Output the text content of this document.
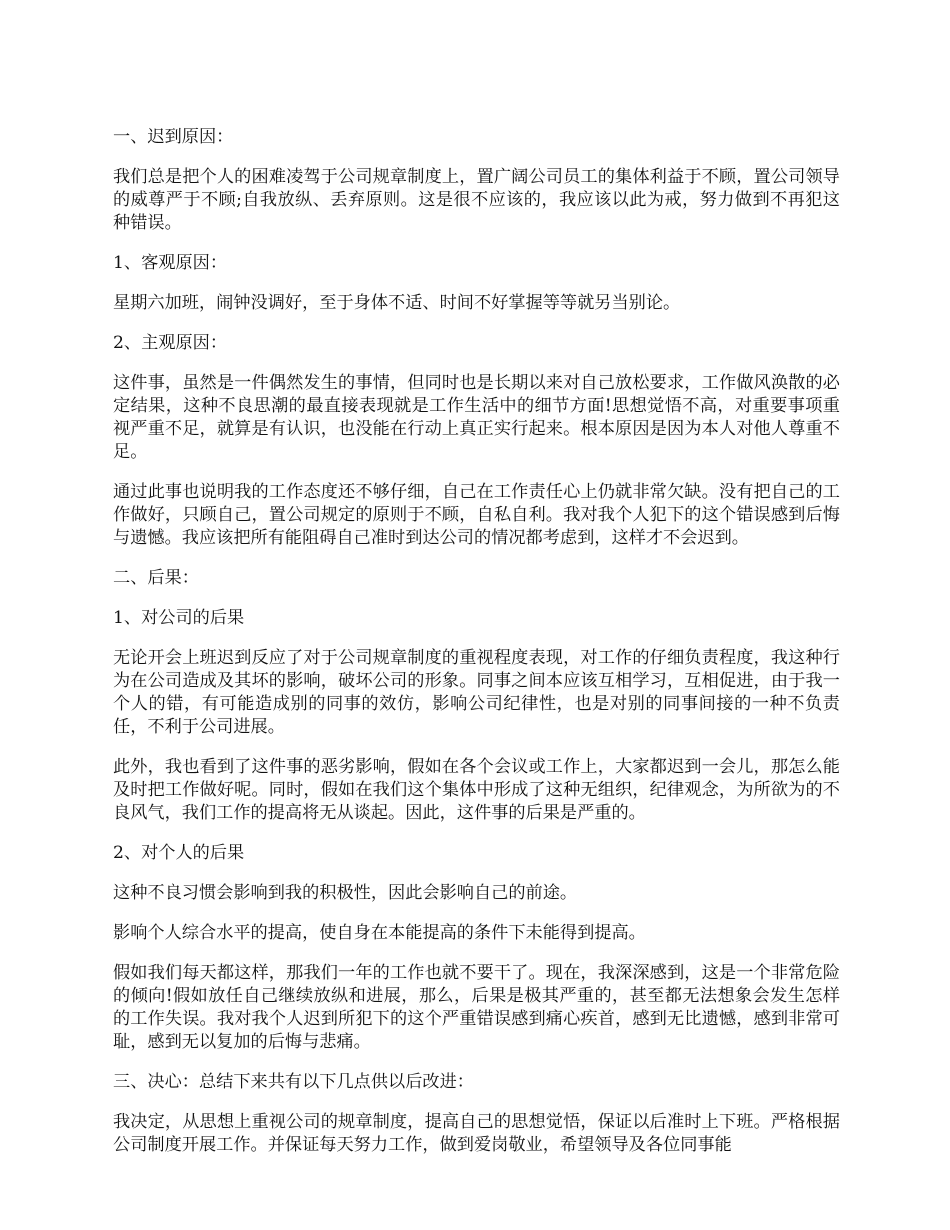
一、迟到原因：

我们总是把个人的困难凌驾于公司规章制度上，置广阔公司员工的集体利益于不顾，置公司领导的威尊严于不顾;自我放纵、丢弃原则。这是很不应该的，我应该以此为戒，努力做到不再犯这种错误。

1、客观原因：

星期六加班，闹钟没调好，至于身体不适、时间不好掌握等等就另当别论。

2、主观原因：

这件事，虽然是一件偶然发生的事情，但同时也是长期以来对自己放松要求，工作做风涣散的必定结果，这种不良思潮的最直接表现就是工作生活中的细节方面!思想觉悟不高，对重要事项重视严重不足，就算是有认识，也没能在行动上真正实行起来。根本原因是因为本人对他人尊重不足。

通过此事也说明我的工作态度还不够仔细，自己在工作责任心上仍就非常欠缺。没有把自己的工作做好，只顾自己，置公司规定的原则于不顾，自私自利。我对我个人犯下的这个错误感到后悔与遗憾。我应该把所有能阻碍自己准时到达公司的情况都考虑到，这样才不会迟到。

二、后果：

1、对公司的后果

无论开会上班迟到反应了对于公司规章制度的重视程度表现，对工作的仔细负责程度，我这种行为在公司造成及其坏的影响，破坏公司的形象。同事之间本应该互相学习，互相促进，由于我一个人的错，有可能造成别的同事的效仿，影响公司纪律性，也是对别的同事间接的一种不负责任，不利于公司进展。

此外，我也看到了这件事的恶劣影响，假如在各个会议或工作上，大家都迟到一会儿，那怎么能及时把工作做好呢。同时，假如在我们这个集体中形成了这种无组织，纪律观念，为所欲为的不良风气，我们工作的提高将无从谈起。因此，这件事的后果是严重的。

2、对个人的后果

这种不良习惯会影响到我的积极性，因此会影响自己的前途。

影响个人综合水平的提高，使自身在本能提高的条件下未能得到提高。

假如我们每天都这样，那我们一年的工作也就不要干了。现在，我深深感到，这是一个非常危险的倾向!假如放任自己继续放纵和进展，那么，后果是极其严重的，甚至都无法想象会发生怎样的工作失误。我对我个人迟到所犯下的这个严重错误感到痛心疾首，感到无比遗憾，感到非常可耻，感到无以复加的后悔与悲痛。

三、决心：总结下来共有以下几点供以后改进：

我决定，从思想上重视公司的规章制度，提高自己的思想觉悟，保证以后准时上下班。严格根据公司制度开展工作。并保证每天努力工作，做到爱岗敬业，希望领导及各位同事能
